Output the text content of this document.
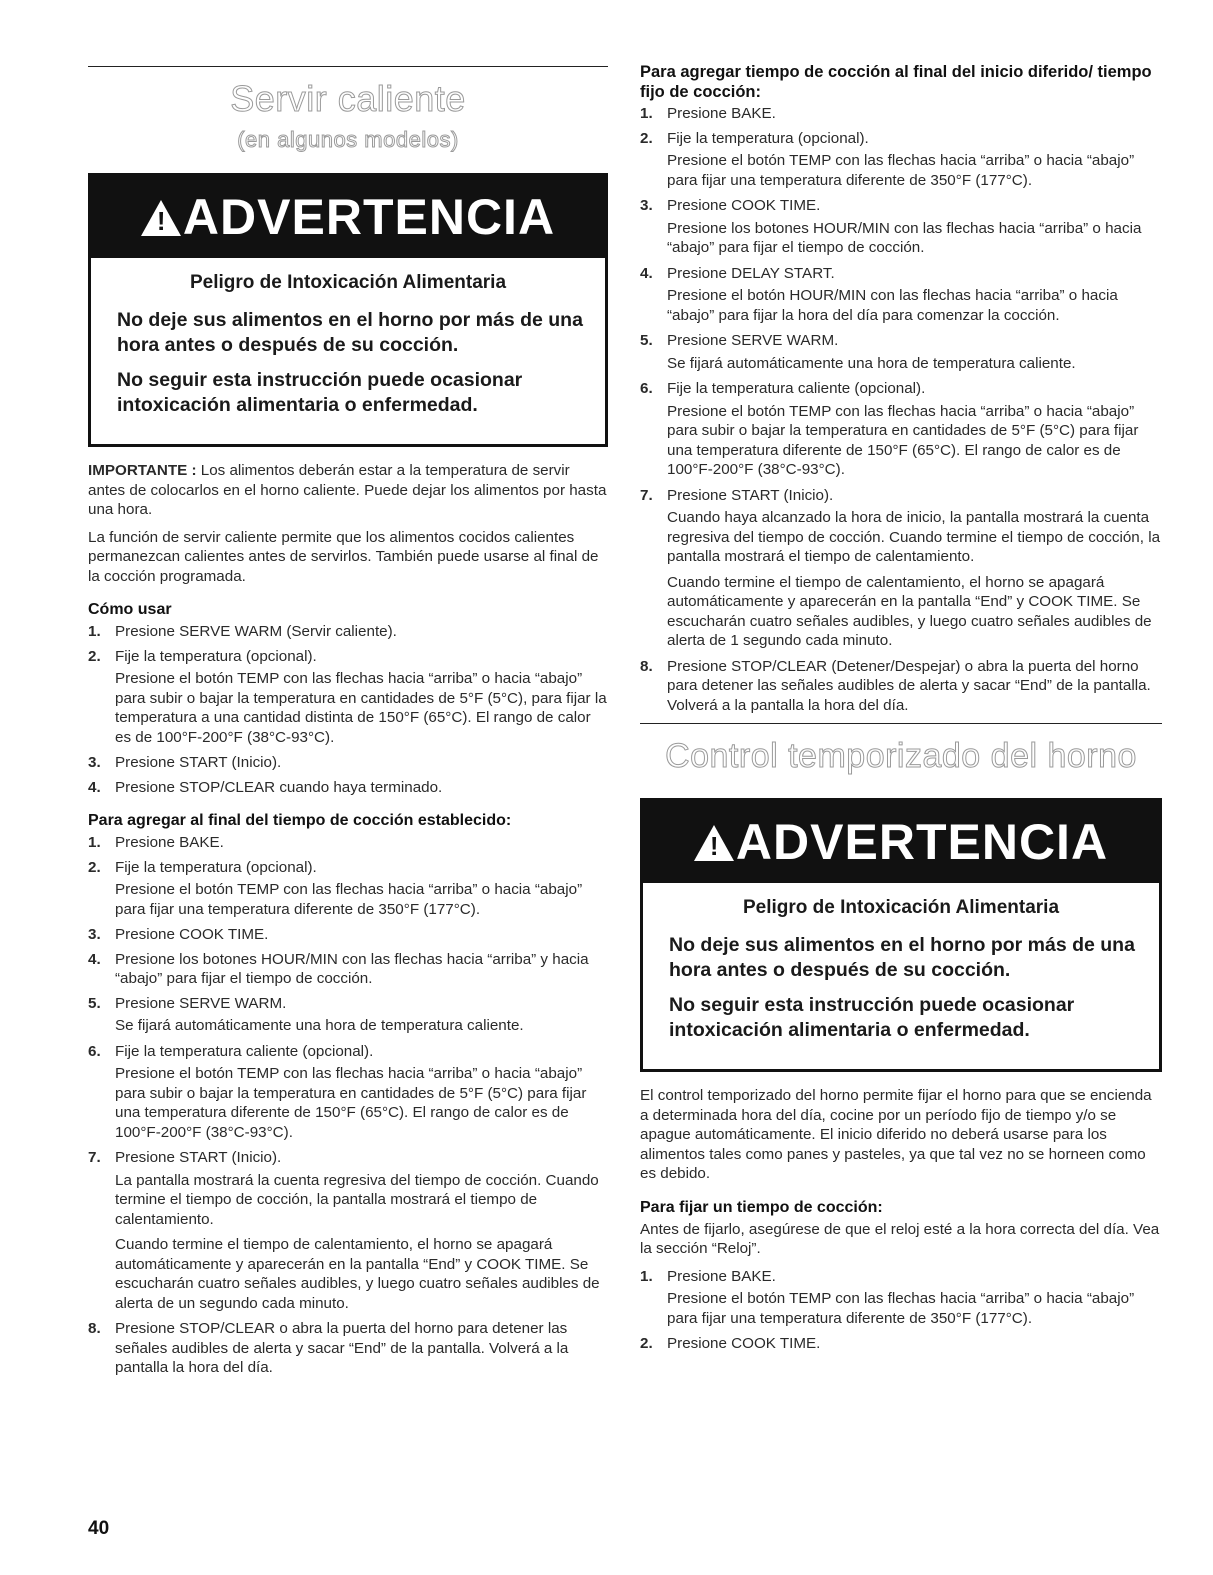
Servir caliente
(en algunos modelos)
!ADVERTENCIA
Peligro de Intoxicación Alimentaria
No deje sus alimentos en el horno por más de una hora antes o después de su cocción.
No seguir esta instrucción puede ocasionar intoxicación alimentaria o enfermedad.

IMPORTANTE : Los alimentos deberán estar a la temperatura de servir antes de colocarlos en el horno caliente. Puede dejar los alimentos por hasta una hora.

La función de servir caliente permite que los alimentos cocidos calientes permanezcan calientes antes de servirlos. También puede usarse al final de la cocción programada.

Cómo usar
1. Presione SERVE WARM (Servir caliente).
2. Fije la temperatura (opcional).

Presione el botón TEMP con las flechas hacia “arriba” o hacia “abajo” para subir o bajar la temperatura en cantidades de 5°F (5°C), para fijar la temperatura a una cantidad distinta de 150°F (65°C). El rango de calor es de 100°F-200°F (38°C-93°C).

3. Presione START (Inicio).
4. Presione STOP/CLEAR cuando haya terminado.
Para agregar al final del tiempo de cocción establecido:
1. Presione BAKE.
2. Fije la temperatura (opcional).

Presione el botón TEMP con las flechas hacia “arriba” o hacia “abajo” para fijar una temperatura diferente de 350°F (177°C).

3. Presione COOK TIME.
4. Presione los botones HOUR/MIN con las flechas hacia “arriba” y hacia “abajo” para fijar el tiempo de cocción.
5. Presione SERVE WARM.

Se fijará automáticamente una hora de temperatura caliente.

6. Fije la temperatura caliente (opcional).

Presione el botón TEMP con las flechas hacia “arriba” o hacia “abajo” para subir o bajar la temperatura en cantidades de 5°F (5°C) para fijar una temperatura diferente de 150°F (65°C). El rango de calor es de 100°F-200°F (38°C-93°C).

7. Presione START (Inicio).

La pantalla mostrará la cuenta regresiva del tiempo de cocción. Cuando termine el tiempo de cocción, la pantalla mostrará el tiempo de calentamiento.

Cuando termine el tiempo de calentamiento, el horno se apagará automáticamente y aparecerán en la pantalla “End” y COOK TIME. Se escucharán cuatro señales audibles, y luego cuatro señales audibles de alerta de un segundo cada minuto.

8. Presione STOP/CLEAR o abra la puerta del horno para detener las señales audibles de alerta y sacar “End” de la pantalla. Volverá a la pantalla la hora del día.
Para agregar tiempo de cocción al final del inicio diferido/ tiempo fijo de cocción:
1. Presione BAKE.
2. Fije la temperatura (opcional).

Presione el botón TEMP con las flechas hacia “arriba” o hacia “abajo” para fijar una temperatura diferente de 350°F (177°C).

3. Presione COOK TIME.

Presione los botones HOUR/MIN con las flechas hacia “arriba” o hacia “abajo” para fijar el tiempo de cocción.

4. Presione DELAY START.

Presione el botón HOUR/MIN con las flechas hacia “arriba” o hacia “abajo” para fijar la hora del día para comenzar la cocción.

5. Presione SERVE WARM.

Se fijará automáticamente una hora de temperatura caliente.

6. Fije la temperatura caliente (opcional).

Presione el botón TEMP con las flechas hacia “arriba” o hacia “abajo” para subir o bajar la temperatura en cantidades de 5°F (5°C) para fijar una temperatura diferente de 150°F (65°C). El rango de calor es de 100°F-200°F (38°C-93°C).

7. Presione START (Inicio).

Cuando haya alcanzado la hora de inicio, la pantalla mostrará la cuenta regresiva del tiempo de cocción. Cuando termine el tiempo de cocción, la pantalla mostrará el tiempo de calentamiento.

Cuando termine el tiempo de calentamiento, el horno se apagará automáticamente y aparecerán en la pantalla “End” y COOK TIME. Se escucharán cuatro señales audibles, y luego cuatro señales audibles de alerta de 1 segundo cada minuto.

8. Presione STOP/CLEAR (Detener/Despejar) o abra la puerta del horno para detener las señales audibles de alerta y sacar “End” de la pantalla. Volverá a la pantalla la hora del día.
Control temporizado del horno
!ADVERTENCIA
Peligro de Intoxicación Alimentaria
No deje sus alimentos en el horno por más de una hora antes o después de su cocción.
No seguir esta instrucción puede ocasionar intoxicación alimentaria o enfermedad.

El control temporizado del horno permite fijar el horno para que se encienda a determinada hora del día, cocine por un período fijo de tiempo y/o se apague automáticamente. El inicio diferido no deberá usarse para los alimentos tales como panes y pasteles, ya que tal vez no se horneen como es debido.

Para fijar un tiempo de cocción:

Antes de fijarlo, asegúrese de que el reloj esté a la hora correcta del día. Vea la sección “Reloj”.

1. Presione BAKE.

Presione el botón TEMP con las flechas hacia “arriba” o hacia “abajo” para fijar una temperatura diferente de 350°F (177°C).

2. Presione COOK TIME.
40
